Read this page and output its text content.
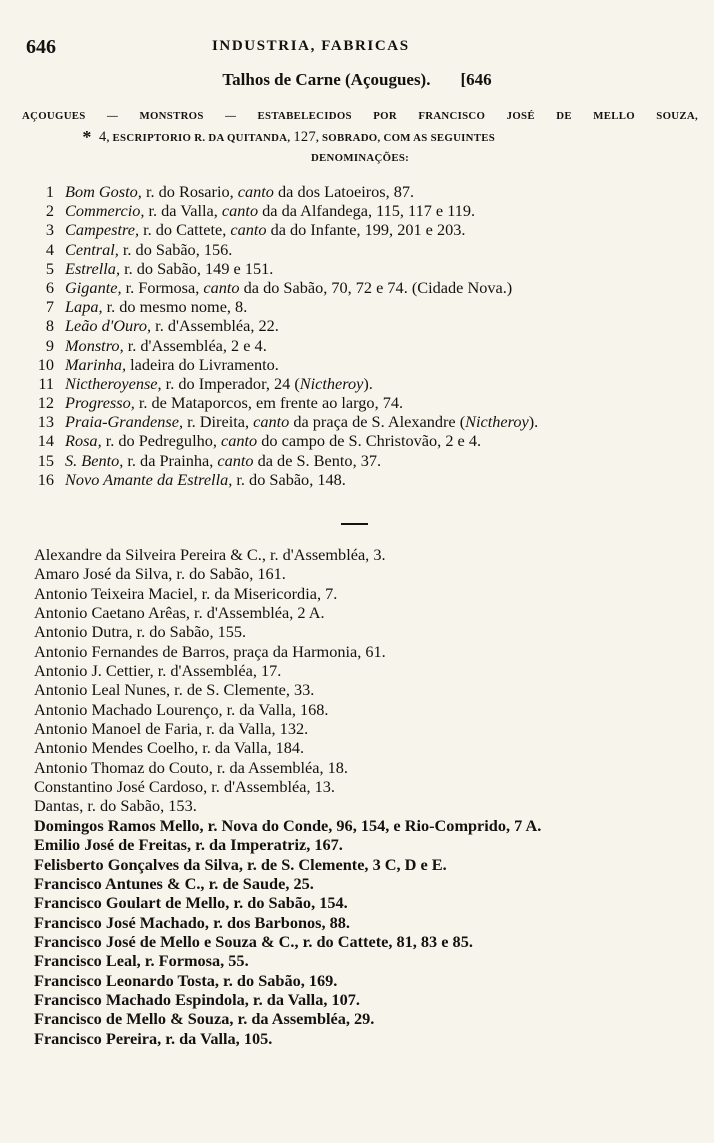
646	INDUSTRIA, FABRICAS
Talhos de Carne (Açougues). [646
AÇOUGUES — MONSTROS — ESTABELECIDOS POR FRANCISCO JOSÉ DE MELLO SOUZA,
* 4, ESCRIPTORIO R. DA QUITANDA, 127, SOBRADO, COM AS SEGUINTES
DENOMINAÇÕES:
1 Bom Gosto, r. do Rosario, canto da dos Latoeiros, 87.
2 Commercio, r. da Valla, canto da da Alfandega, 115, 117 e 119.
3 Campestre, r. do Cattete, canto da do Infante, 199, 201 e 203.
4 Central, r. do Sabão, 156.
5 Estrella, r. do Sabão, 149 e 151.
6 Gigante, r. Formosa, canto da do Sabão, 70, 72 e 74. (Cidade Nova.)
7 Lapa, r. do mesmo nome, 8.
8 Leão d'Ouro, r. d'Assembléa, 22.
9 Monstro, r. d'Assembléa, 2 e 4.
10 Marinha, ladeira do Livramento.
11 Nictheroyense, r. do Imperador, 24 (Nictheroy).
12 Progresso, r. de Mataporcos, em frente ao largo, 74.
13 Praia-Grandense, r. Direita, canto da praça de S. Alexandre (Nictheroy).
14 Rosa, r. do Pedregulho, canto do campo de S. Christovão, 2 e 4.
15 S. Bento, r. da Prainha, canto da de S. Bento, 37.
16 Novo Amante da Estrella, r. do Sabão, 148.
Alexandre da Silveira Pereira & C., r. d'Assembléa, 3.
Amaro José da Silva, r. do Sabão, 161.
Antonio Teixeira Maciel, r. da Misericordia, 7.
Antonio Caetano Arêas, r. d'Assembléa, 2 A.
Antonio Dutra, r. do Sabão, 155.
Antonio Fernandes de Barros, praça da Harmonia, 61.
Antonio J. Cettier, r. d'Assembléa, 17.
Antonio Leal Nunes, r. de S. Clemente, 33.
Antonio Machado Lourenço, r. da Valla, 168.
Antonio Manoel de Faria, r. da Valla, 132.
Antonio Mendes Coelho, r. da Valla, 184.
Antonio Thomaz do Couto, r. da Assembléa, 18.
Constantino José Cardoso, r. d'Assembléa, 13.
Dantas, r. do Sabão, 153.
Domingos Ramos Mello, r. Nova do Conde, 96, 154, e Rio-Comprido, 7 A.
Emilio José de Freitas, r. da Imperatriz, 167.
Felisberto Gonçalves da Silva, r. de S. Clemente, 3 C, D e E.
Francisco Antunes & C., r. de Saude, 25.
Francisco Goulart de Mello, r. do Sabão, 154.
Francisco José Machado, r. dos Barbonos, 88.
Francisco José de Mello e Souza & C., r. do Cattete, 81, 83 e 85.
Francisco Leal, r. Formosa, 55.
Francisco Leonardo Tosta, r. do Sabão, 169.
Francisco Machado Espindola, r. da Valla, 107.
Francisco de Mello & Souza, r. da Assembléa, 29.
Francisco Pereira, r. da Valla, 105.
